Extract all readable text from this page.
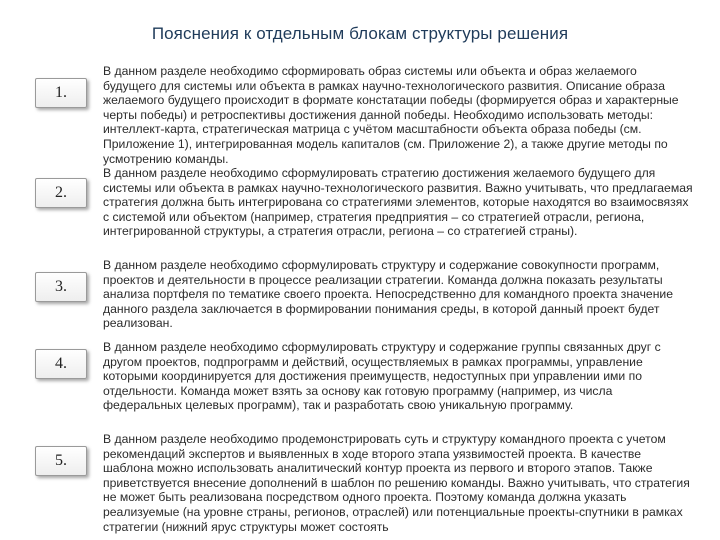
Пояснения к отдельным блокам структуры решения
1.
2.
3.
4.
5.
В данном разделе необходимо сформировать образ системы или объекта и образ желаемого будущего для системы или объекта в рамках научно-технологического развития. Описание образа желаемого будущего происходит в формате констатации победы (формируется образ и характерные черты победы) и ретроспективы достижения данной победы. Необходимо использовать методы: интеллект-карта, стратегическая матрица с учётом масштабности объекта образа победы (см. Приложение 1), интегрированная модель капиталов (см. Приложение 2), а также другие методы по усмотрению команды.
В данном разделе необходимо сформулировать стратегию достижения желаемого будущего для системы или объекта в рамках научно-технологического развития. Важно учитывать, что предлагаемая стратегия должна быть интегрирована со стратегиями элементов, которые находятся во взаимосвязях с системой или объектом (например, стратегия предприятия – со стратегией отрасли, региона, интегрированной структуры, а стратегия отрасли, региона – со стратегией страны).
В данном разделе необходимо сформулировать структуру и содержание совокупности программ, проектов и деятельности в процессе реализации стратегии. Команда должна показать результаты анализа портфеля по тематике своего проекта. Непосредственно для командного проекта значение данного раздела заключается в формировании понимания среды, в которой данный проект будет реализован.
В данном разделе необходимо сформулировать структуру и содержание группы связанных друг с другом проектов, подпрограмм и действий, осуществляемых в рамках программы, управление которыми координируется для достижения преимуществ, недоступных при управлении ими по отдельности. Команда может взять за основу как готовую программу (например, из числа федеральных целевых программ), так и разработать свою уникальную программу.
В данном разделе необходимо продемонстрировать суть и структуру командного проекта с учетом рекомендаций экспертов и выявленных в ходе второго этапа уязвимостей проекта. В качестве шаблона можно использовать аналитический контур проекта из первого и второго этапов. Также приветствуется внесение дополнений в шаблон по решению команды. Важно учитывать, что стратегия не может быть реализована посредством одного проекта. Поэтому команда должна указать реализуемые (на уровне страны, регионов, отраслей) или потенциальные проекты-спутники в рамках стратегии (нижний ярус структуры может состоять
